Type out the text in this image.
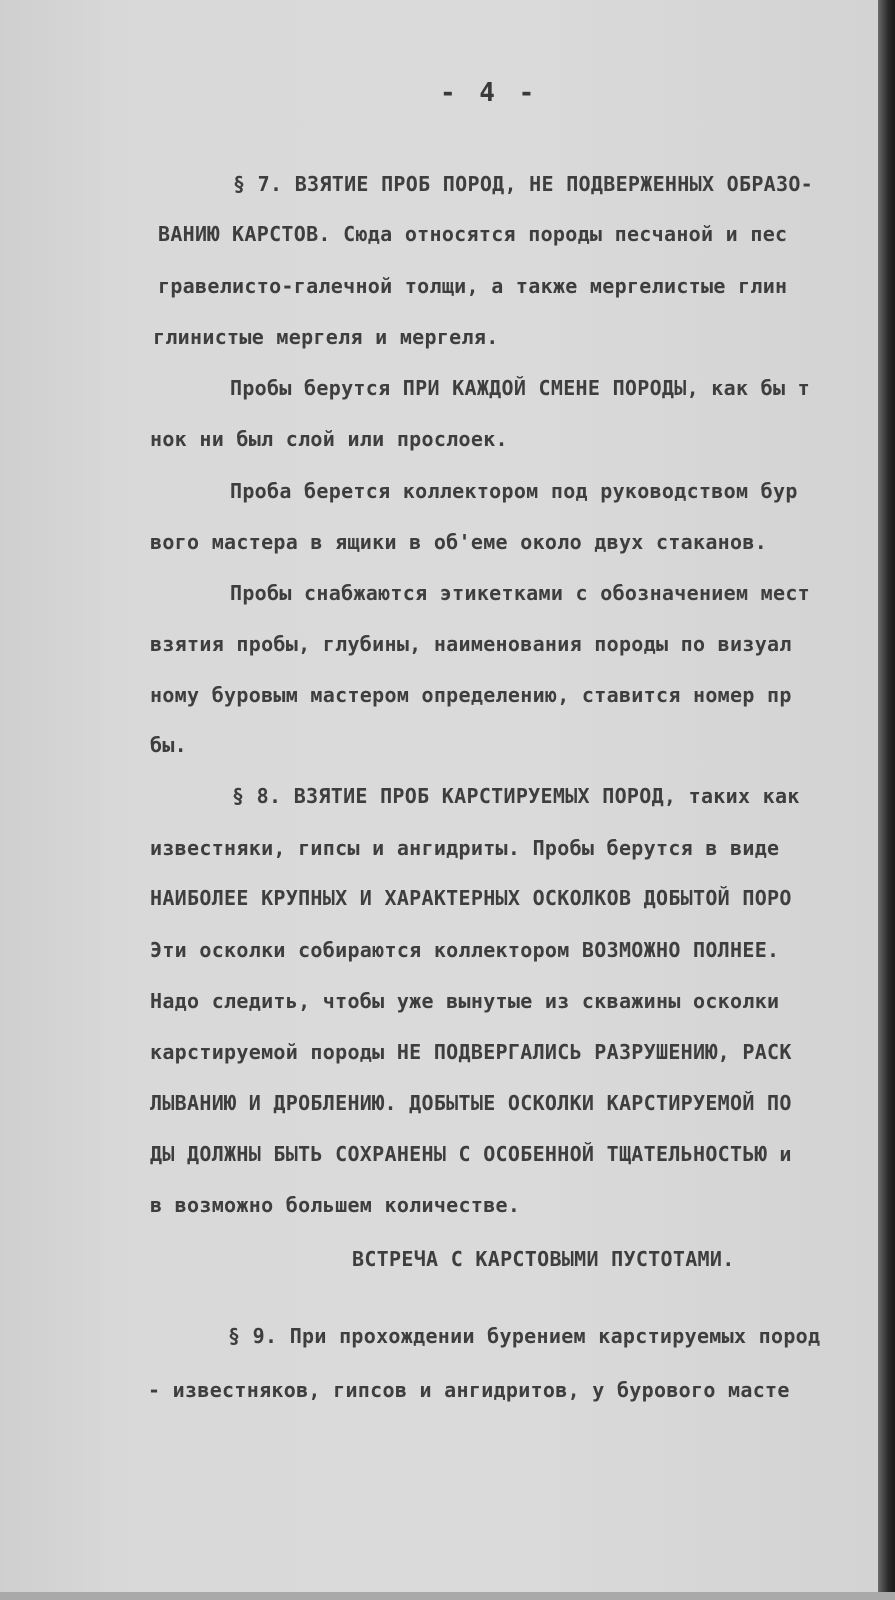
- 4 -
§ 7. ВЗЯТИЕ ПРОБ ПОРОД, НЕ ПОДВЕРЖЕННЫХ ОБРАЗО-
ВАНИЮ КАРСТОВ. Сюда относятся породы песчаной и пес
гравелисто-галечной толщи, а также мергелистые глин
глинистые мергеля и мергеля.
Пробы берутся ПРИ КАЖДОЙ СМЕНЕ ПОРОДЫ, как бы т
нок ни был слой или прослоек.
Проба берется коллектором под руководством бур
вого мастера в ящики в об'еме около двух стаканов.
Пробы снабжаются этикетками с обозначением мест
взятия пробы, глубины, наименования породы по визуал
ному буровым мастером определению, ставится номер пр
бы.
§ 8. ВЗЯТИЕ ПРОБ КАРСТИРУЕМЫХ ПОРОД, таких как
известняки, гипсы и ангидриты. Пробы берутся в виде
НАИБОЛЕЕ КРУПНЫХ И ХАРАКТЕРНЫХ ОСКОЛКОВ ДОБЫТОЙ ПОРО
Эти осколки собираются коллектором ВОЗМОЖНО ПОЛНЕЕ.
Надо следить, чтобы уже вынутые из скважины осколки
карстируемой породы НЕ ПОДВЕРГАЛИСЬ РАЗРУШЕНИЮ, РАСК
ЛЫВАНИЮ И ДРОБЛЕНИЮ. ДОБЫТЫЕ ОСКОЛКИ КАРСТИРУЕМОЙ ПО
ДЫ ДОЛЖНЫ БЫТЬ СОХРАНЕНЫ С ОСОБЕННОЙ ТЩАТЕЛЬНОСТЬЮ и
в возможно большем количестве.
ВСТРЕЧА С КАРСТОВЫМИ ПУСТОТАМИ.
§ 9. При прохождении бурением карстируемых пород
- известняков, гипсов и ангидритов, у бурового масте
